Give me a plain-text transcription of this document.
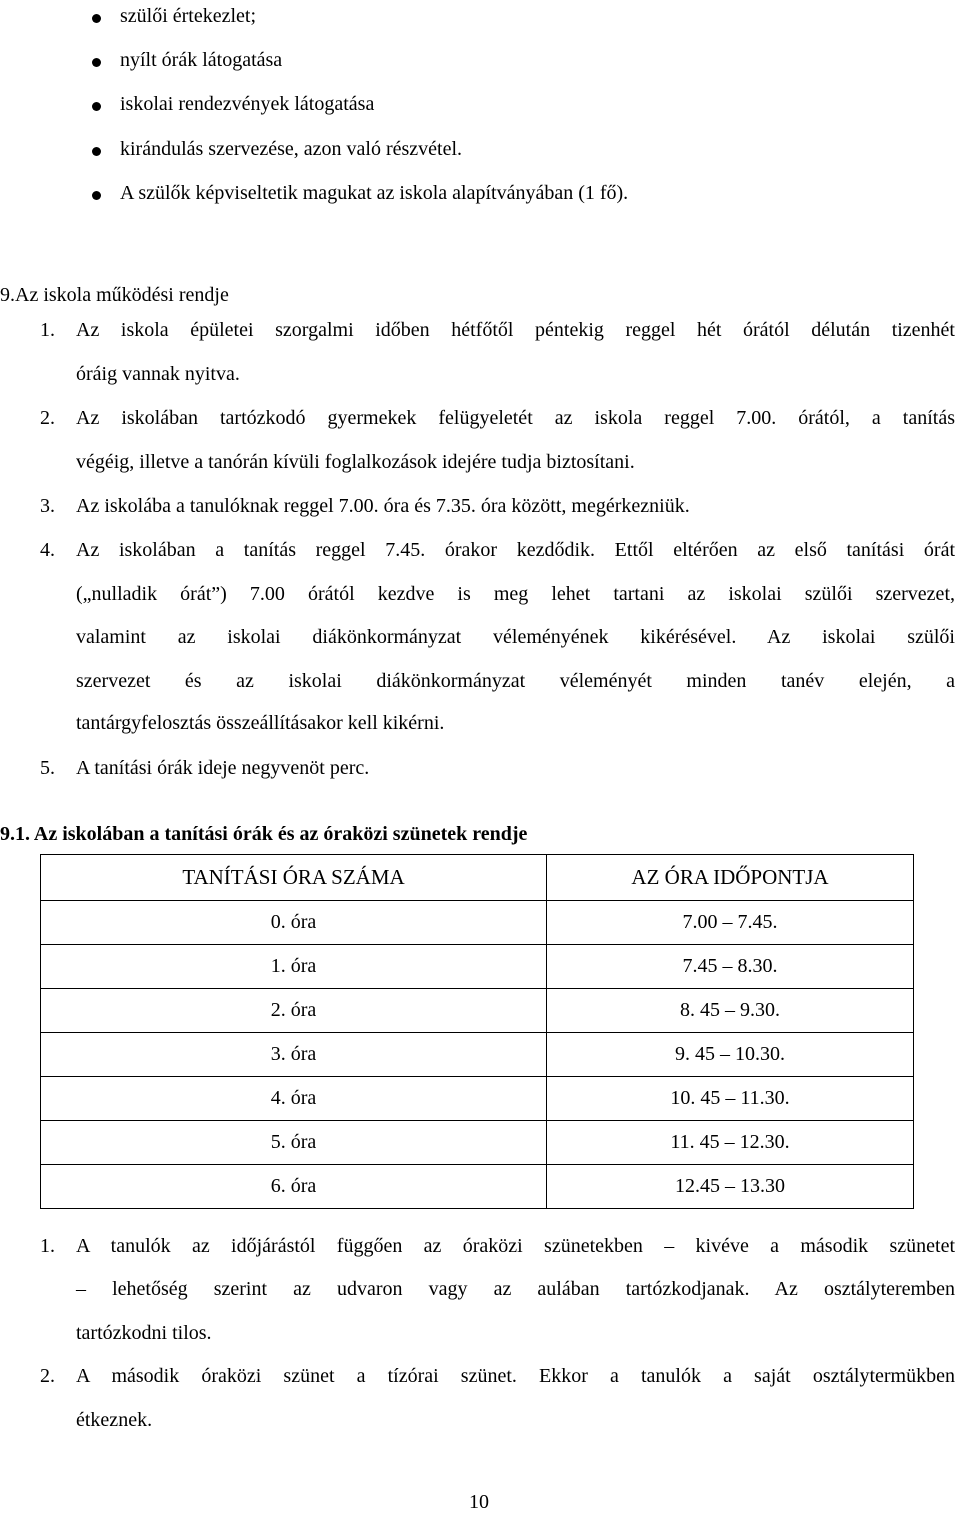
szülői értekezlet;
nyílt órák látogatása
iskolai rendezvények látogatása
kirándulás szervezése, azon való részvétel.
A szülők képviseltetik magukat az iskola alapítványában (1 fő).
9.Az iskola működési rendje
1. Az iskola épületei szorgalmi időben hétfőtől péntekig reggel hét órától délután tizenhét
óráig vannak nyitva.
2. Az iskolában tartózkodó gyermekek felügyeletét az iskola reggel 7.00. órától, a tanítás
végéig, illetve a tanórán kívüli foglalkozások idejére tudja biztosítani.
3. Az iskolába a tanulóknak reggel 7.00. óra és 7.35. óra között, megérkezniük.
4. Az iskolában a tanítás reggel 7.45. órakor kezdődik. Ettől eltérően az első tanítási órát
(„nulladik órát”) 7.00 órától kezdve is meg lehet tartani az iskolai szülői szervezet,
valamint az iskolai diákönkormányzat véleményének kikérésével. Az iskolai szülői
szervezet és az iskolai diákönkormányzat véleményét minden tanév elején, a
tantárgyfelosztás összeállításakor kell kikérni.
5. A tanítási órák ideje negyvenöt perc.
9.1. Az iskolában a tanítási órák és az óraközi szünetek rendje
TANÍTÁSI ÓRA SZÁMA	AZ ÓRA IDŐPONTJA
0. óra	7.00 – 7.45.
1. óra	7.45 – 8.30.
2. óra	8. 45 – 9.30.
3. óra	9. 45 – 10.30.
4. óra	10. 45 – 11.30.
5. óra	11. 45 – 12.30.
6. óra	12.45 – 13.30
1. A tanulók az időjárástól függően az óraközi szünetekben – kivéve a második szünetet
– lehetőség szerint az udvaron vagy az aulában tartózkodjanak. Az osztályteremben
tartózkodni tilos.
2. A második óraközi szünet a tízórai szünet. Ekkor a tanulók a saját osztálytermükben
étkeznek.
10
